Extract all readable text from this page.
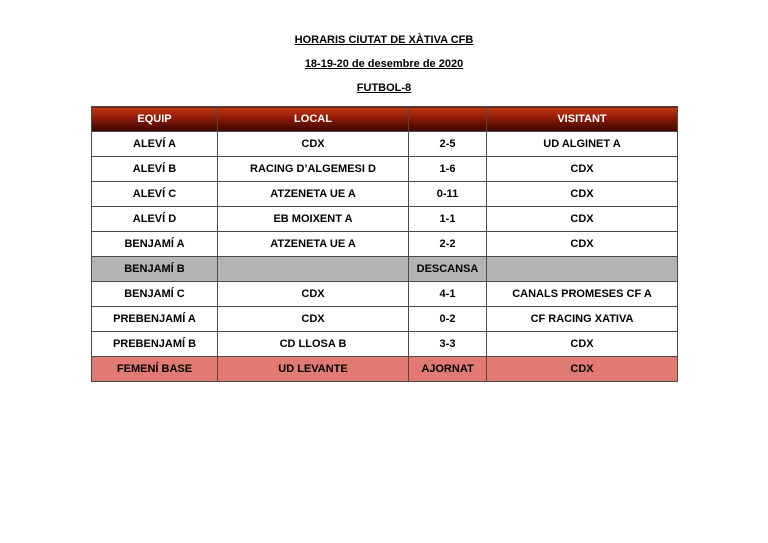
HORARIS CIUTAT DE XÀTIVA CFB
18-19-20 de desembre de 2020
FUTBOL-8
EQUIP	LOCAL		VISITANT
ALEVÍ A	CDX	2-5	UD ALGINET A
ALEVÍ B	RACING D’ALGEMESI D	1-6	CDX
ALEVÍ C	ATZENETA UE A	0-11	CDX
ALEVÍ D	EB MOIXENT A	1-1	CDX
BENJAMÍ A	ATZENETA UE A	2-2	CDX
BENJAMÍ B		DESCANSA	
BENJAMÍ C	CDX	4-1	CANALS PROMESES CF A
PREBENJAMÍ A	CDX	0-2	CF RACING XATIVA
PREBENJAMÍ B	CD LLOSA B	3-3	CDX
FEMENÍ BASE	UD LEVANTE	AJORNAT	CDX
